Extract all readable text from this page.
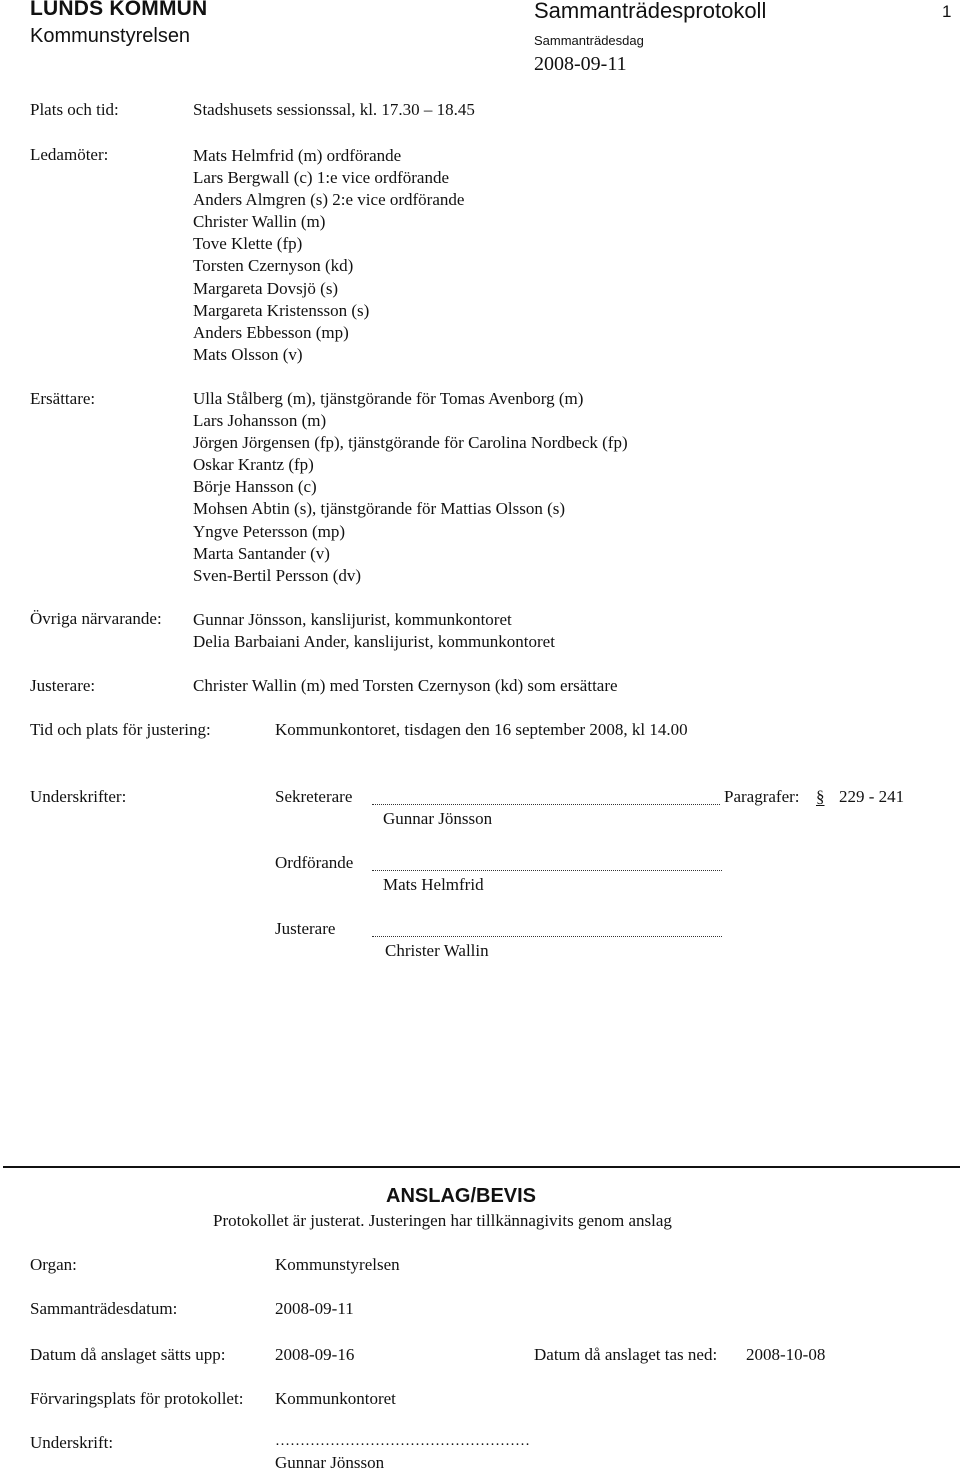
LUNDS KOMMUN
Kommunstyrelsen
Sammanträdesprotokoll	1
Sammanträdesdag
2008-09-11
Plats och tid:	Stadshusets sessionssal, kl. 17.30 – 18.45
Ledamöter:	Mats Helmfrid (m) ordförande
Lars Bergwall (c) 1:e vice ordförande
Anders Almgren (s) 2:e vice ordförande
Christer Wallin (m)
Tove Klette (fp)
Torsten Czernyson (kd)
Margareta Dovsjö (s)
Margareta Kristensson (s)
Anders Ebbesson (mp)
Mats Olsson (v)
Ersättare:	Ulla Stålberg (m), tjänstgörande för Tomas Avenborg (m)
Lars Johansson (m)
Jörgen Jörgensen (fp), tjänstgörande för Carolina Nordbeck (fp)
Oskar Krantz (fp)
Börje Hansson (c)
Mohsen Abtin (s), tjänstgörande för Mattias Olsson (s)
Yngve Petersson (mp)
Marta Santander (v)
Sven-Bertil Persson (dv)
Övriga närvarande: Gunnar Jönsson, kanslijurist, kommunkontoret
Delia Barbaiani Ander, kanslijurist, kommunkontoret
Justerare:	Christer Wallin (m) med Torsten Czernyson (kd) som ersättare
Tid och plats för justering:	Kommunkontoret, tisdagen den 16 september 2008, kl 14.00
Underskrifter:	Sekreterare	Paragrafer: § 229 - 241
Gunnar Jönsson
Ordförande
Mats Helmfrid
Justerare
Christer Wallin
ANSLAG/BEVIS
Protokollet är justerat. Justeringen har tillkännagivits genom anslag
Organ:	Kommunstyrelsen
Sammanträdesdatum:	2008-09-11
Datum då anslaget sätts upp:	2008-09-16	Datum då anslaget tas ned: 2008-10-08
Förvaringsplats för protokollet: Kommunkontoret
Underskrift:	……………………………………………
Gunnar Jönsson
